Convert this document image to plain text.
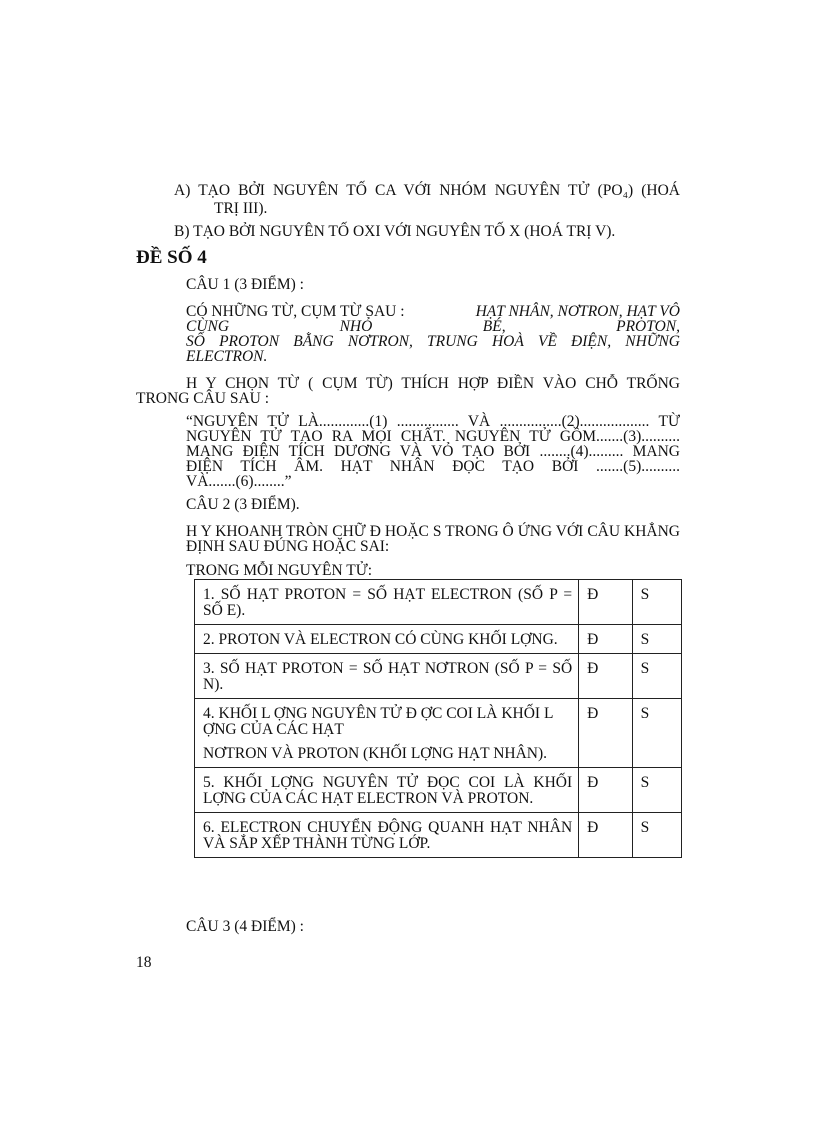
A) TẠO BỞI NGUYÊN TỐ CA VỚI NHÓM NGUYÊN TỬ (PO₄) (HOÁ

TRỊ III).

B) TẠO BỞI NGUYÊN TỐ OXI VỚI NGUYÊN TỐ X (HOÁ TRỊ V).

ĐỀ SỐ 4

CÂU 1 (3 ĐIỂM) :

CÓ NHỮNG TỪ, CỤM TỪ SAU :	HẠT NHÂN, NƠTRON, HẠT VÔ

CÙNG NHỎ BÉ, PROTON,

SỐ PROTON BẰNG NƠTRON, TRUNG HOÀ VỀ ĐIỆN, NHỮNG

ELECTRON.

H Y CHỌN TỪ ( CỤM TỪ) THÍCH HỢP ĐIỀN VÀO CHỖ TRỐNG

TRONG CÂU SAU :

“NGUYÊN TỬ LÀ.............(1) ................ VÀ ................(2).................. TỪ

NGUYÊN TỬ TẠO RA MỌI CHẤT. NGUYÊN TỬ GỒM.......(3)..........

MANG ĐIỆN TÍCH DƯƠNG VÀ VỎ TẠO BỞI ........(4)......... MANG

ĐIỆN TÍCH ÂM. HẠT NHÂN ĐỌC TẠO BỞI .......(5)..........

VÀ.......(6)........”

CÂU 2 (3 ĐIỂM).

H Y KHOANH TRÒN CHỮ Đ HOẶC S TRONG Ô ỨNG VỚI CÂU KHẲNG

ĐỊNH SAU ĐÚNG HOẶC SAI:

TRONG MỖI NGUYÊN TỬ:

1. SỐ HẠT PROTON = SỐ HẠT ELECTRON (SỐ P = SỐ E).	Đ	S
2. PROTON VÀ ELECTRON CÓ CÙNG KHỐI LỢNG.	Đ	S
3. SỐ HẠT PROTON = SỐ HẠT NƠTRON (SỐ P = SỐ N).	Đ	S
4. KHỐI L ỢNG NGUYÊN TỬ Đ ỢC COI LÀ KHỐI L ỢNG CỦA CÁC HẠT
NƠTRON VÀ PROTON (KHỐI LỢNG HẠT NHÂN).	Đ	S
5. KHỐI LỢNG NGUYÊN TỬ ĐỌC COI LÀ KHỐI LỢNG CỦA CÁC HẠT ELECTRON VÀ PROTON.	Đ	S
6. ELECTRON CHUYỂN ĐỘNG QUANH HẠT NHÂN VÀ SẮP XẾP THÀNH TỪNG LỚP.	Đ	S

CÂU 3 (4 ĐIỂM) :

18
